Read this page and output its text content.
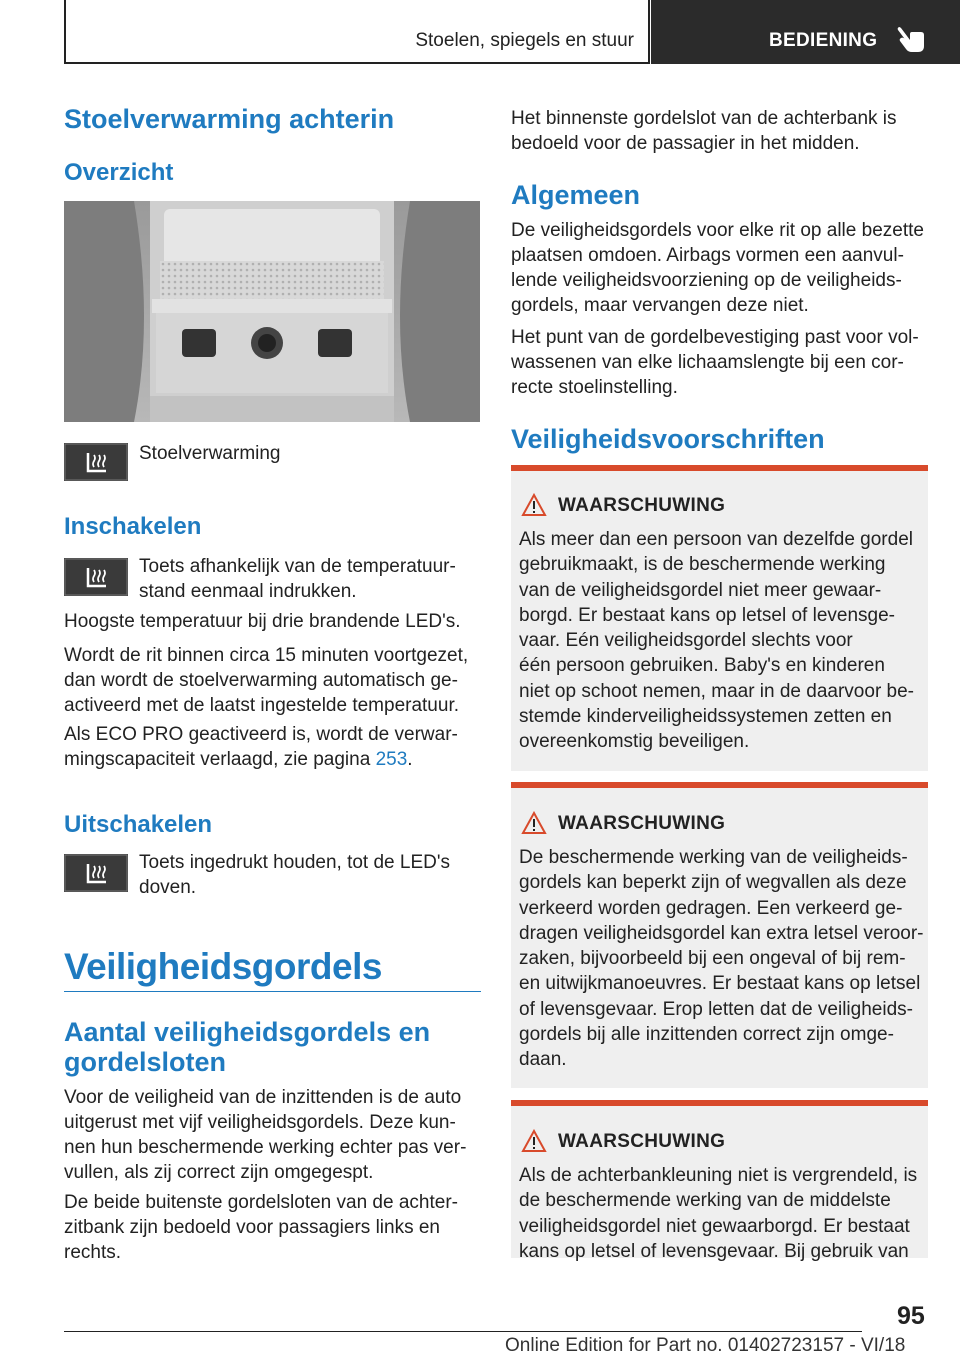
Stoelen, spiegels en stuur	BEDIENING
Stoelverwarming achterin
Overzicht
Stoelverwarming
Inschakelen
Toets afhankelijk van de temperatuur-
stand eenmaal indrukken.
Hoogste temperatuur bij drie brandende LED's.
Wordt de rit binnen circa 15 minuten voortgezet,
dan wordt de stoelverwarming automatisch ge-
activeerd met de laatst ingestelde temperatuur.
Als ECO PRO geactiveerd is, wordt de verwar-
mingscapaciteit verlaagd, zie pagina 253.
Uitschakelen
Toets ingedrukt houden, tot de LED's
doven.
Veiligheidsgordels
Aantal veiligheidsgordels en
gordelsloten
Voor de veiligheid van de inzittenden is de auto
uitgerust met vijf veiligheidsgordels. Deze kun-
nen hun beschermende werking echter pas ver-
vullen, als zij correct zijn omgegespt.
De beide buitenste gordelsloten van de achter-
zitbank zijn bedoeld voor passagiers links en
rechts.
Het binnenste gordelslot van de achterbank is
bedoeld voor de passagier in het midden.
Algemeen
De veiligheidsgordels voor elke rit op alle bezette
plaatsen omdoen. Airbags vormen een aanvul-
lende veiligheidsvoorziening op de veiligheids-
gordels, maar vervangen deze niet.
Het punt van de gordelbevestiging past voor vol-
wassenen van elke lichaamslengte bij een cor-
recte stoelinstelling.
Veiligheidsvoorschriften
WAARSCHUWING
Als meer dan een persoon van dezelfde gordel
gebruikmaakt, is de beschermende werking
van de veiligheidsgordel niet meer gewaar-
borgd. Er bestaat kans op letsel of levensge-
vaar. Eén veiligheidsgordel slechts voor
één persoon gebruiken. Baby's en kinderen
niet op schoot nemen, maar in de daarvoor be-
stemde kinderveiligheidssystemen zetten en
overeenkomstig beveiligen.
WAARSCHUWING
De beschermende werking van de veiligheids-
gordels kan beperkt zijn of wegvallen als deze
verkeerd worden gedragen. Een verkeerd ge-
dragen veiligheidsgordel kan extra letsel veroor-
zaken, bijvoorbeeld bij een ongeval of bij rem-
en uitwijkmanoeuvres. Er bestaat kans op letsel
of levensgevaar. Erop letten dat de veiligheids-
gordels bij alle inzittenden correct zijn omge-
daan.
WAARSCHUWING
Als de achterbankleuning niet is vergrendeld, is
de beschermende werking van de middelste
veiligheidsgordel niet gewaarborgd. Er bestaat
kans op letsel of levensgevaar. Bij gebruik van
95
Online Edition for Part no. 01402723157 - VI/18
